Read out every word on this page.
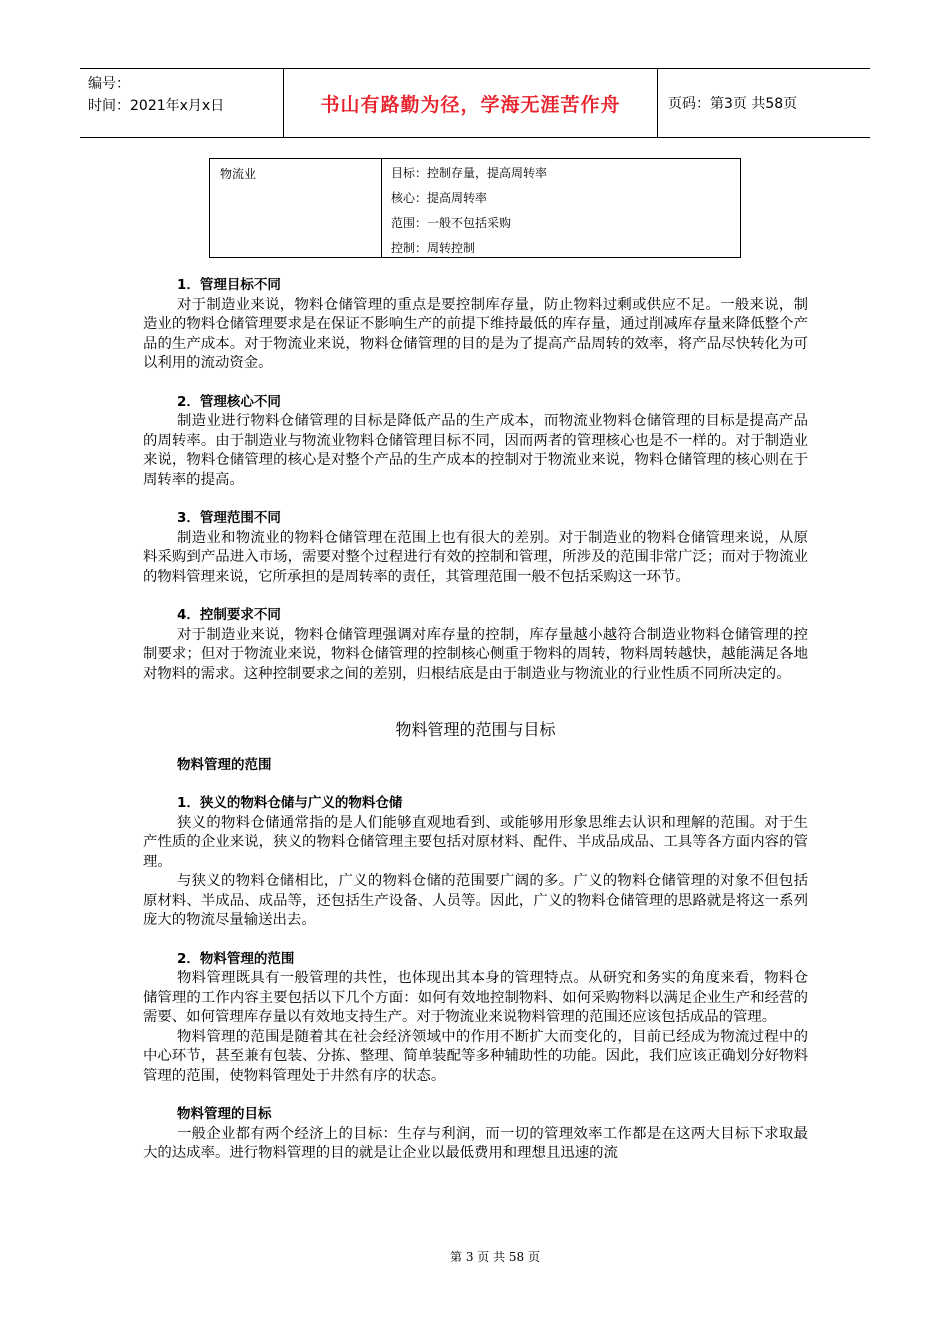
编号：
时间：2021年x月x日	书山有路勤为径，学海无涯苦作舟	页码：第3页 共58页
物流业	目标：控制存量，提高周转率
核心：提高周转率
范围：一般不包括采购
控制：周转控制
1．管理目标不同
对于制造业来说，物料仓储管理的重点是要控制库存量，防止物料过剩或供应不足。一般来说，制造业的物料仓储管理要求是在保证不影响生产的前提下维持最低的库存量，通过削减库存量来降低整个产品的生产成本。对于物流业来说，物料仓储管理的目的是为了提高产品周转的效率，将产品尽快转化为可以利用的流动资金。
2．管理核心不同
制造业进行物料仓储管理的目标是降低产品的生产成本，而物流业物料仓储管理的目标是提高产品的周转率。由于制造业与物流业物料仓储管理目标不同，因而两者的管理核心也是不一样的。对于制造业来说，物料仓储管理的核心是对整个产品的生产成本的控制对于物流业来说，物料仓储管理的核心则在于周转率的提高。
3．管理范围不同
制造业和物流业的物料仓储管理在范围上也有很大的差别。对于制造业的物料仓储管理来说，从原料采购到产品进入市场，需要对整个过程进行有效的控制和管理，所涉及的范围非常广泛；而对于物流业的物料管理来说，它所承担的是周转率的责任，其管理范围一般不包括采购这一环节。
4．控制要求不同
对于制造业来说，物料仓储管理强调对库存量的控制，库存量越小越符合制造业物料仓储管理的控制要求；但对于物流业来说，物料仓储管理的控制核心侧重于物料的周转，物料周转越快，越能满足各地对物料的需求。这种控制要求之间的差别，归根结底是由于制造业与物流业的行业性质不同所决定的。
物料管理的范围与目标
物料管理的范围
1．狭义的物料仓储与广义的物料仓储
狭义的物料仓储通常指的是人们能够直观地看到、或能够用形象思维去认识和理解的范围。对于生产性质的企业来说，狭义的物料仓储管理主要包括对原材料、配件、半成品成品、工具等各方面内容的管理。
与狭义的物料仓储相比，广义的物料仓储的范围要广阔的多。广义的物料仓储管理的对象不但包括原材料、半成品、成品等，还包括生产设备、人员等。因此，广义的物料仓储管理的思路就是将这一系列庞大的物流尽量输送出去。
2．物料管理的范围
物料管理既具有一般管理的共性，也体现出其本身的管理特点。从研究和务实的角度来看，物料仓储管理的工作内容主要包括以下几个方面：如何有效地控制物料、如何采购物料以满足企业生产和经营的需要、如何管理库存量以有效地支持生产。对于物流业来说物料管理的范围还应该包括成品的管理。
物料管理的范围是随着其在社会经济领域中的作用不断扩大而变化的，目前已经成为物流过程中的中心环节，甚至兼有包装、分拣、整理、简单装配等多种辅助性的功能。因此，我们应该正确划分好物料管理的范围，使物料管理处于井然有序的状态。
物料管理的目标
一般企业都有两个经济上的目标：生存与利润，而一切的管理效率工作都是在这两大目标下求取最大的达成率。进行物料管理的目的就是让企业以最低费用和理想且迅速的流
第 3 页 共 58 页
